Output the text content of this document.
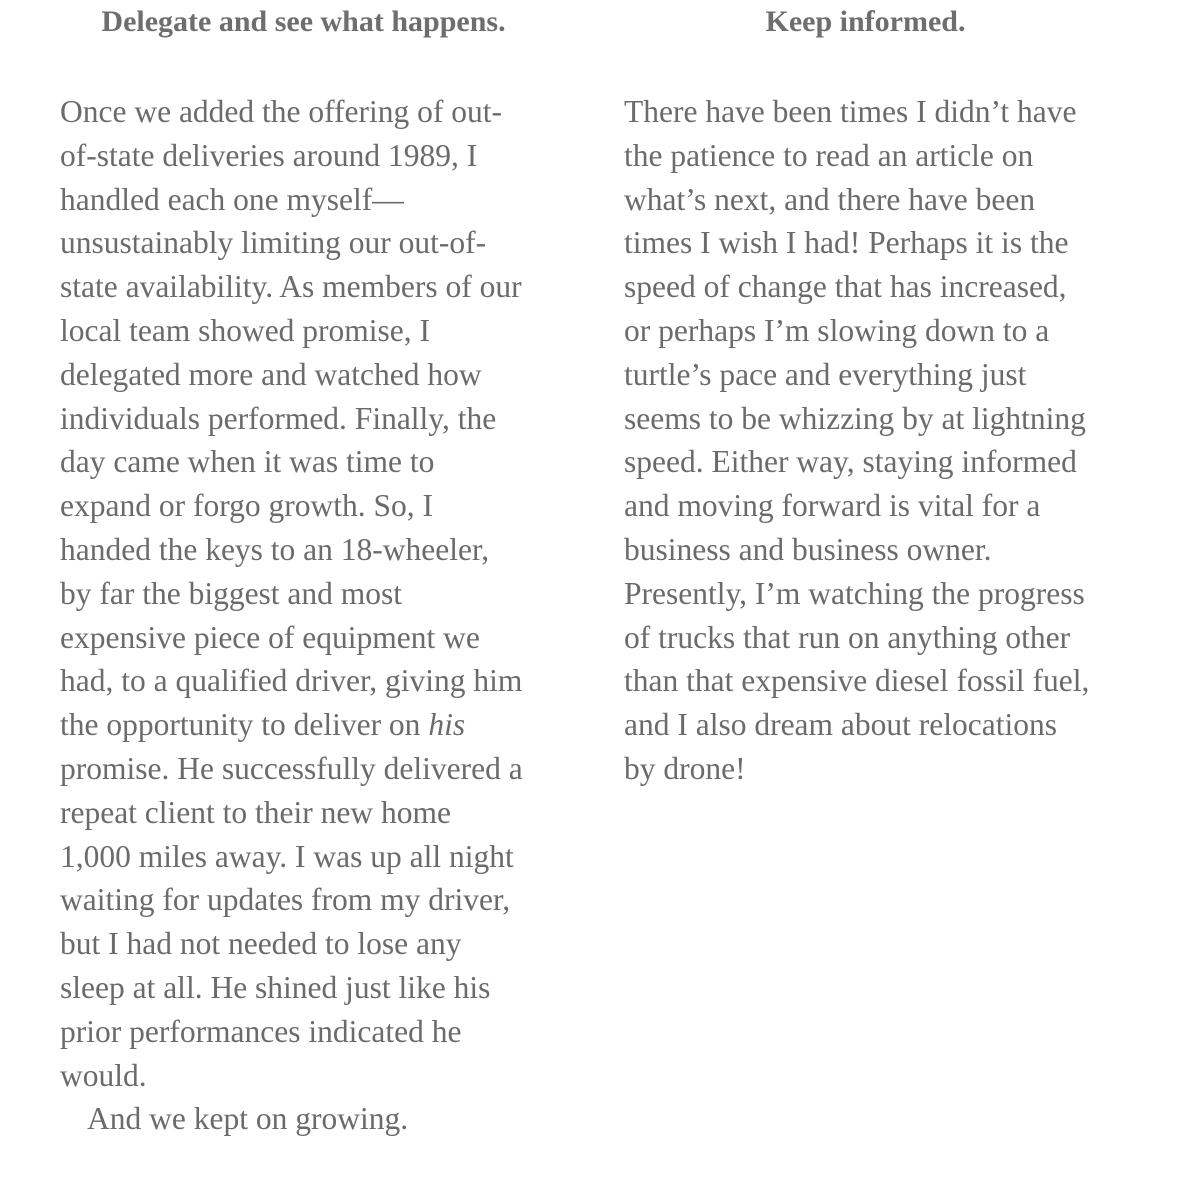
Delegate and see what happens.
Once we added the offering of out-
of-state deliveries around 1989, I
handled each one myself—
unsustainably limiting our out-of-
state availability. As members of our
local team showed promise, I
delegated more and watched how
individuals performed. Finally, the
day came when it was time to
expand or forgo growth. So, I
handed the keys to an 18-wheeler,
by far the biggest and most
expensive piece of equipment we
had, to a qualified driver, giving him
the opportunity to deliver on his
promise. He successfully delivered a
repeat client to their new home
1,000 miles away. I was up all night
waiting for updates from my driver,
but I had not needed to lose any
sleep at all. He shined just like his
prior performances indicated he
would.
And we kept on growing.
Keep informed.
There have been times I didn’t have
the patience to read an article on
what’s next, and there have been
times I wish I had! Perhaps it is the
speed of change that has increased,
or perhaps I’m slowing down to a
turtle’s pace and everything just
seems to be whizzing by at lightning
speed. Either way, staying informed
and moving forward is vital for a
business and business owner.
Presently, I’m watching the progress
of trucks that run on anything other
than that expensive diesel fossil fuel,
and I also dream about relocations
by drone!
